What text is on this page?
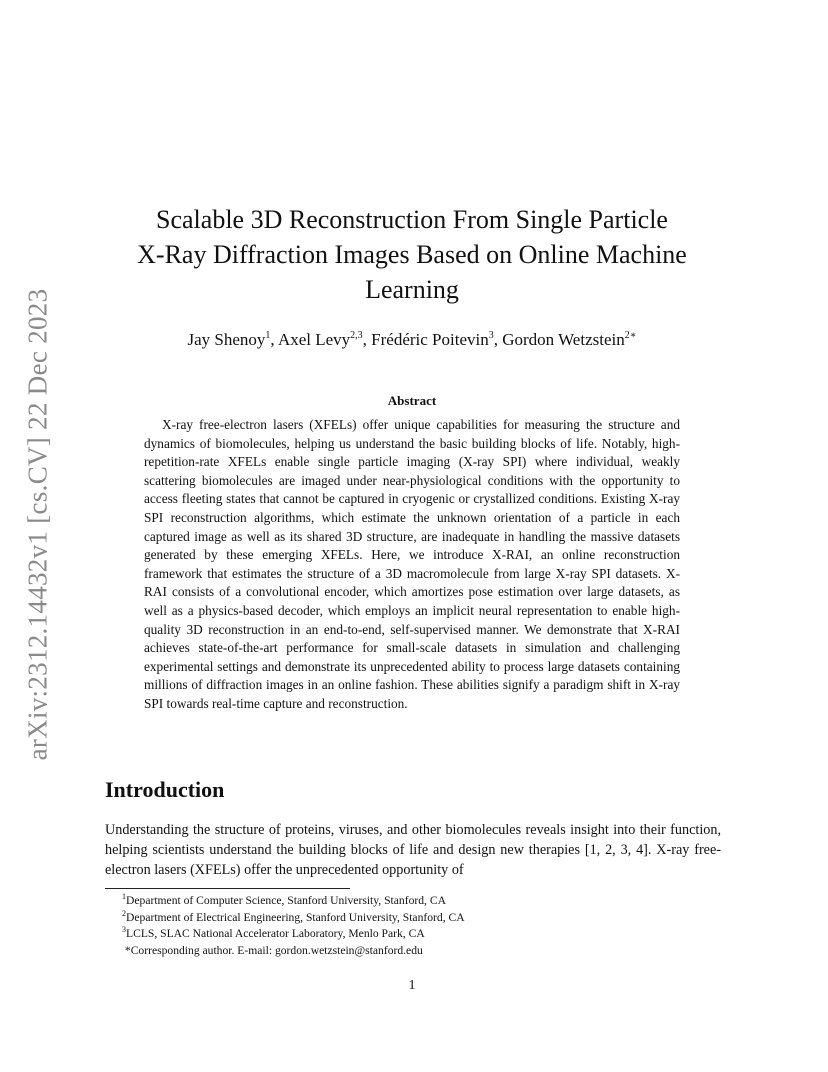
arXiv:2312.14432v1 [cs.CV] 22 Dec 2023
Scalable 3D Reconstruction From Single Particle
X-Ray Diffraction Images Based on Online Machine
Learning
Jay Shenoy$^1$, Axel Levy$^{2,3}$, Frédéric Poitevin$^3$, Gordon Wetzstein$^{2∗}$
Abstract

X-ray free-electron lasers (XFELs) offer unique capabilities for measuring the structure and dynamics of biomolecules, helping us understand the basic building blocks of life. Notably, high-repetition-rate XFELs enable single particle imaging (X-ray SPI) where individual, weakly scattering biomolecules are imaged under near-physiological conditions with the opportunity to access fleeting states that cannot be captured in cryogenic or crystallized conditions. Existing X-ray SPI reconstruction algorithms, which estimate the unknown orientation of a particle in each captured image as well as its shared 3D structure, are inadequate in handling the massive datasets generated by these emerging XFELs. Here, we introduce X-RAI, an online reconstruction framework that estimates the structure of a 3D macromolecule from large X-ray SPI datasets. X-RAI consists of a convolutional encoder, which amortizes pose estimation over large datasets, as well as a physics-based decoder, which employs an implicit neural representation to enable high-quality 3D reconstruction in an end-to-end, self-supervised manner. We demonstrate that X-RAI achieves state-of-the-art performance for small-scale datasets in simulation and challenging experimental settings and demonstrate its unprecedented ability to process large datasets containing millions of diffraction images in an online fashion. These abilities signify a paradigm shift in X-ray SPI towards real-time capture and reconstruction.

Introduction

Understanding the structure of proteins, viruses, and other biomolecules reveals insight into their function, helping scientists understand the building blocks of life and design new therapies [1, 2, 3, 4]. X-ray free-electron lasers (XFELs) offer the unprecedented opportunity of

$^1$Department of Computer Science, Stanford University, Stanford, CA
$^2$Department of Electrical Engineering, Stanford University, Stanford, CA
$^3$LCLS, SLAC National Accelerator Laboratory, Menlo Park, CA
*Corresponding author. E-mail: gordon.wetzstein@stanford.edu
1
